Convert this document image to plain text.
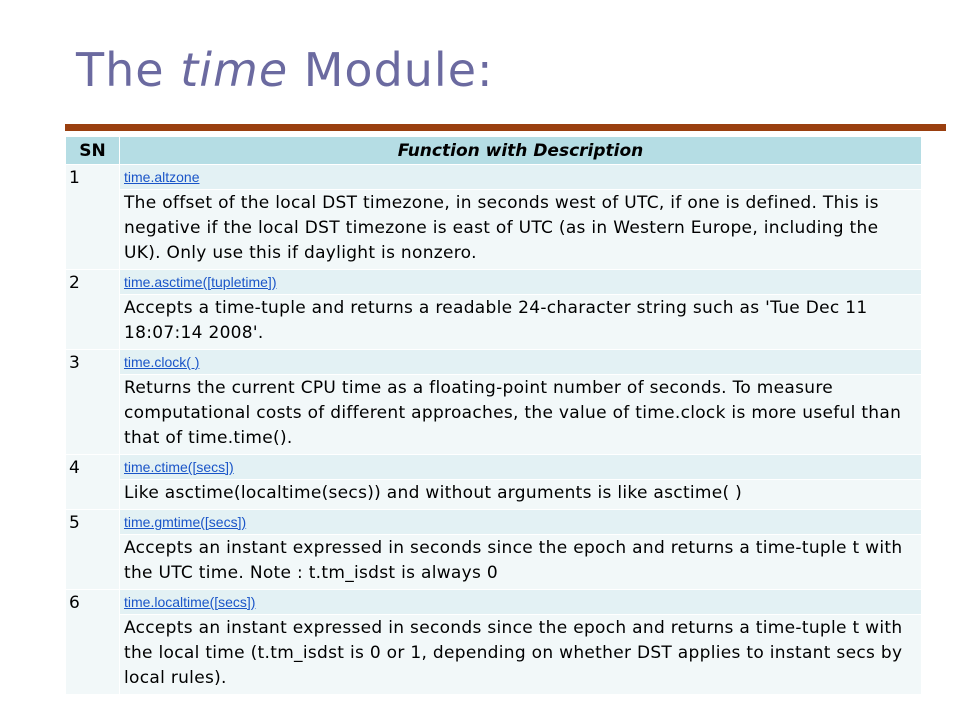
The time Module:
SN	Function with Description
1	time.altzone
	The offset of the local DST timezone, in seconds west of UTC, if one is defined. This is negative if the local DST timezone is east of UTC (as in Western Europe, including the UK). Only use this if daylight is nonzero.
2	time.asctime([tupletime])
	Accepts a time-tuple and returns a readable 24-character string such as 'Tue Dec 11 18:07:14 2008'.
3	time.clock( )
	Returns the current CPU time as a floating-point number of seconds. To measure computational costs of different approaches, the value of time.clock is more useful than that of time.time().
4	time.ctime([secs])
	Like asctime(localtime(secs)) and without arguments is like asctime( )
5	time.gmtime([secs])
	Accepts an instant expressed in seconds since the epoch and returns a time-tuple t with the UTC time. Note : t.tm_isdst is always 0
6	time.localtime([secs])
	Accepts an instant expressed in seconds since the epoch and returns a time-tuple t with the local time (t.tm_isdst is 0 or 1, depending on whether DST applies to instant secs by local rules).
